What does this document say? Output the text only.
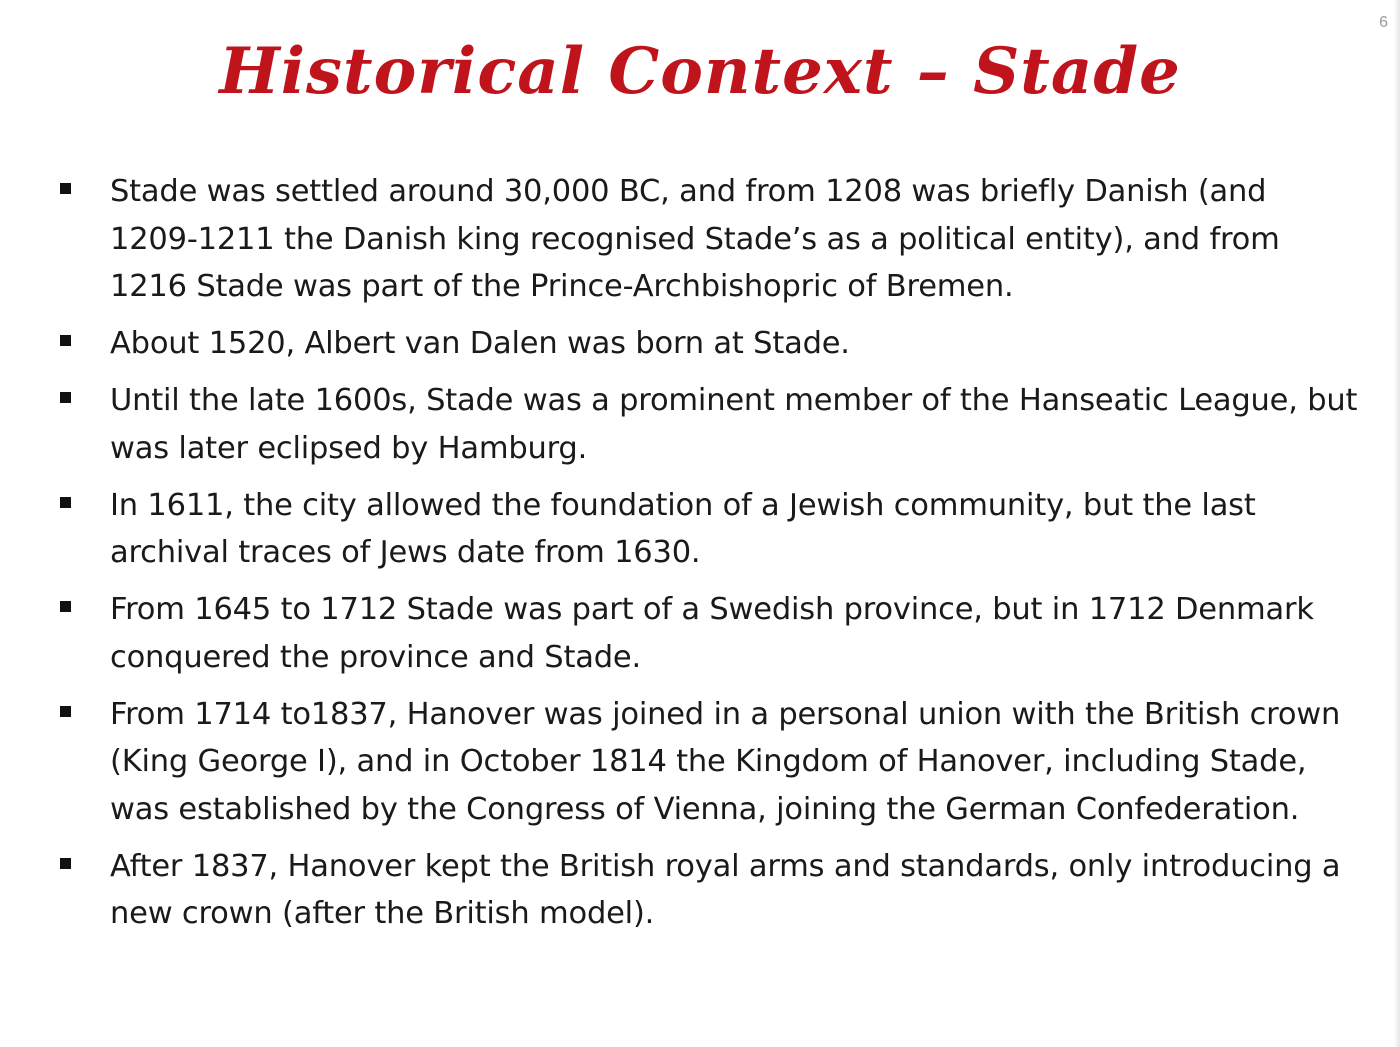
6
Historical Context – Stade
Stade was settled around 30,000 BC, and from 1208 was briefly Danish (and 1209-1211 the Danish king recognised Stade’s as a political entity), and from 1216 Stade was part of the Prince-Archbishopric of Bremen.
About 1520, Albert van Dalen was born at Stade.
Until the late 1600s, Stade was a prominent member of the Hanseatic League, but was later eclipsed by Hamburg.
In 1611, the city allowed the foundation of a Jewish community, but the last archival traces of Jews date from 1630.
From 1645 to 1712 Stade was part of a Swedish province, but in 1712 Denmark conquered the province and Stade.
From 1714 to1837, Hanover was joined in a personal union with the British crown (King George I), and in October 1814 the Kingdom of Hanover, including Stade, was established by the Congress of Vienna, joining the German Confederation.
After 1837, Hanover kept the British royal arms and standards, only introducing a new crown (after the British model).
